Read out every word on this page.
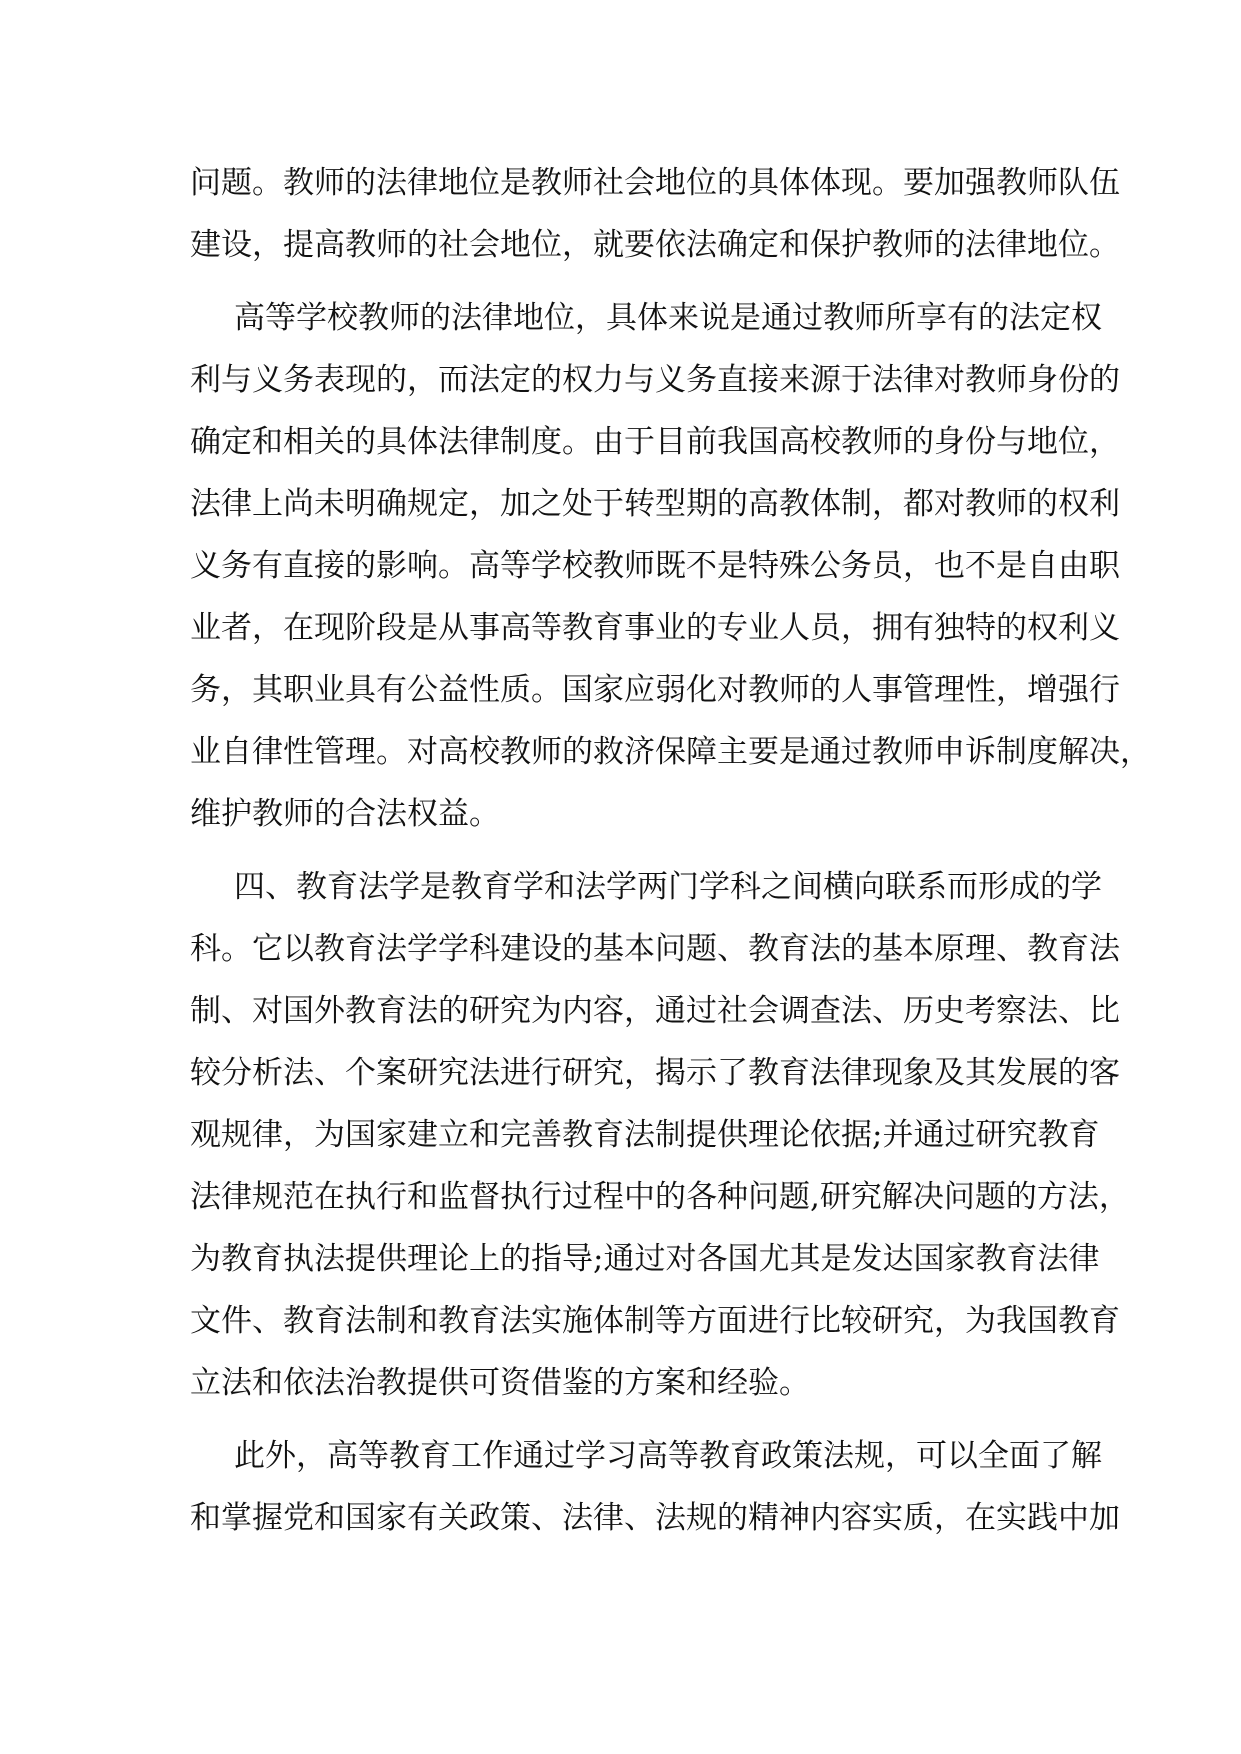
问题。教师的法律地位是教师社会地位的具体体现。要加强教师队伍
建设，提高教师的社会地位，就要依法确定和保护教师的法律地位。
高等学校教师的法律地位，具体来说是通过教师所享有的法定权
利与义务表现的，而法定的权力与义务直接来源于法律对教师身份的
确定和相关的具体法律制度。由于目前我国高校教师的身份与地位，
法律上尚未明确规定，加之处于转型期的高教体制，都对教师的权利
义务有直接的影响。高等学校教师既不是特殊公务员，也不是自由职
业者，在现阶段是从事高等教育事业的专业人员，拥有独特的权利义
务，其职业具有公益性质。国家应弱化对教师的人事管理性，增强行
业自律性管理。对高校教师的救济保障主要是通过教师申诉制度解决，
维护教师的合法权益。
四、教育法学是教育学和法学两门学科之间横向联系而形成的学
科。它以教育法学学科建设的基本问题、教育法的基本原理、教育法
制、对国外教育法的研究为内容，通过社会调查法、历史考察法、比
较分析法、个案研究法进行研究，揭示了教育法律现象及其发展的客
观规律，为国家建立和完善教育法制提供理论依据;并通过研究教育
法律规范在执行和监督执行过程中的各种问题,研究解决问题的方法，
为教育执法提供理论上的指导;通过对各国尤其是发达国家教育法律
文件、教育法制和教育法实施体制等方面进行比较研究，为我国教育
立法和依法治教提供可资借鉴的方案和经验。
此外，高等教育工作通过学习高等教育政策法规，可以全面了解
和掌握党和国家有关政策、法律、法规的精神内容实质，在实践中加
